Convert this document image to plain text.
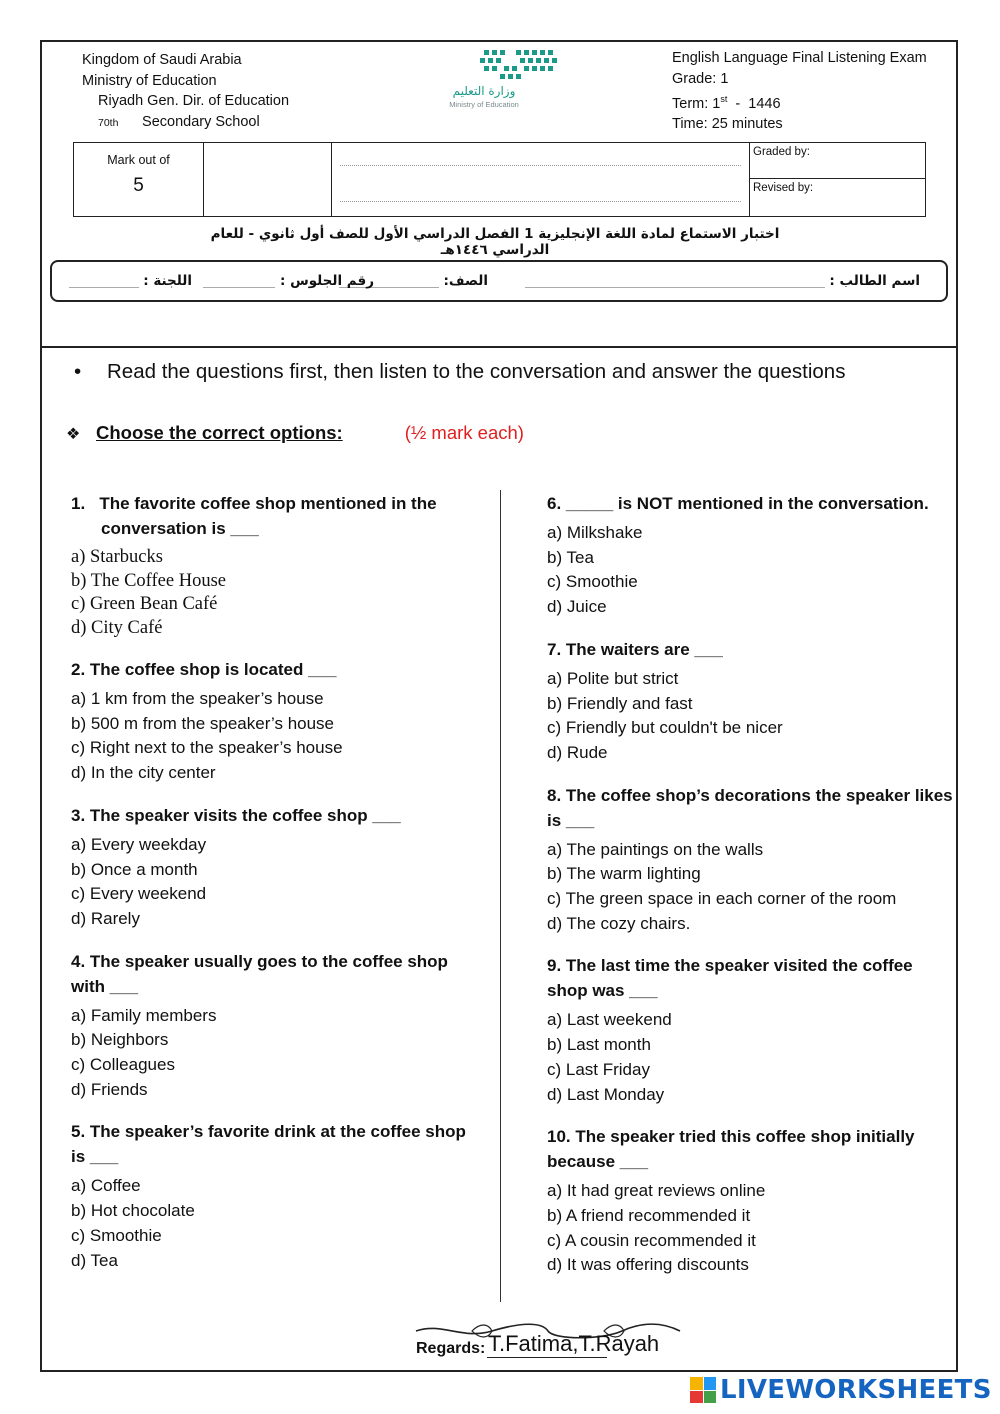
Kingdom of Saudi Arabia
Ministry of Education
Riyadh Gen. Dir. of Education
70th Secondary School
وزارة التعليم
Ministry of Education
English Language Final Listening Exam
Grade: 1
Term: 1st  -  1446
Time: 25 minutes
Mark out of
5
Graded by:
Revised by:
اختبار الاستماع لمادة اللغة الإنجليزية 1 الفصل الدراسي الأول للصف أول ثانوي - للعام الدراسي ١٤٤٦هـ
اسم الطالب :
الصف:
رقم الجلوس :
اللجنة :
• Read the questions first, then listen to the conversation and answer the questions
❖ Choose the correct options:	(½ mark each)
1.   The favorite coffee shop mentioned in the conversation is ___
a) Starbucks
b) The Coffee House
c) Green Bean Café
d) City Café
2. The coffee shop is located ___
a) 1 km from the speaker’s house
b) 500 m from the speaker’s house
c) Right next to the speaker’s house
d) In the city center
3. The speaker visits the coffee shop ___
a) Every weekday
b) Once a month
c) Every weekend
d) Rarely
4. The speaker usually goes to the coffee shop with ___
a) Family members
b) Neighbors
c) Colleagues
d) Friends
5. The speaker’s favorite drink at the coffee shop is ___
a) Coffee
b) Hot chocolate
c) Smoothie
d) Tea
6. _____ is NOT mentioned in the conversation.
a) Milkshake
b) Tea
c) Smoothie
d) Juice
7. The waiters are ___
a) Polite but strict
b) Friendly and fast
c) Friendly but couldn't be nicer
d) Rude
8. The coffee shop’s decorations the speaker likes is ___
a) The paintings on the walls
b) The warm lighting
c) The green space in each corner of the room
d) The cozy chairs.
9. The last time the speaker visited the coffee shop was ___
a) Last weekend
b) Last month
c) Last Friday
d) Last Monday
10. The speaker tried this coffee shop initially because ___
a) It had great reviews online
b) A friend recommended it
c) A cousin recommended it
d) It was offering discounts
Regards: T.Fatima,T.Rayah
LIVEWORKSHEETS
